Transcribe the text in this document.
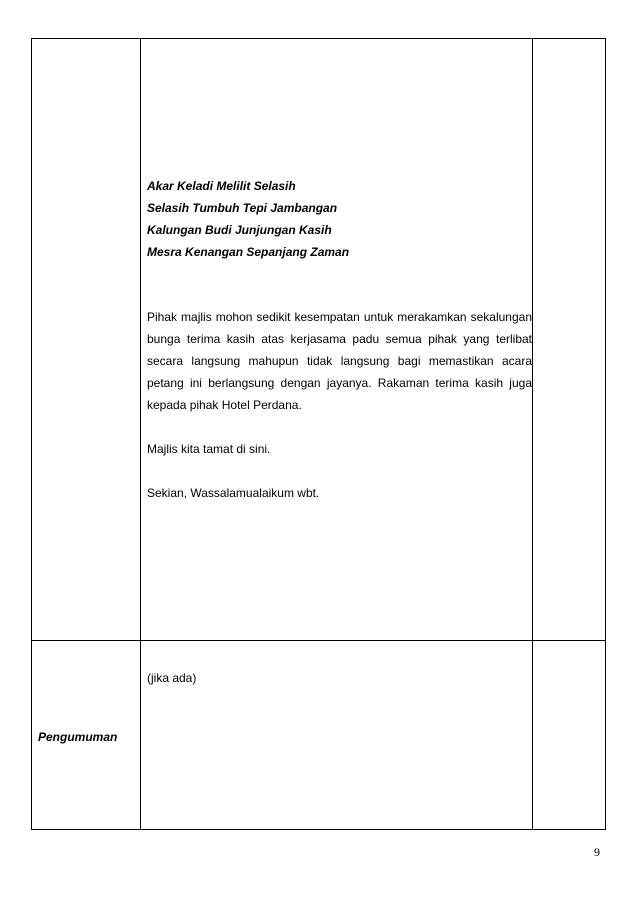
Akar Keladi Melilit Selasih
Selasih Tumbuh Tepi Jambangan
Kalungan Budi Junjungan Kasih
Mesra Kenangan Sepanjang Zaman
Pihak majlis mohon sedikit kesempatan untuk merakamkan sekalungan bunga terima kasih atas kerjasama padu semua pihak yang terlibat secara langsung mahupun tidak langsung bagi memastikan acara petang ini berlangsung dengan jayanya. Rakaman terima kasih juga kepada pihak Hotel Perdana.
Majlis kita tamat di sini.
Sekian, Wassalamualaikum wbt.
(jika ada)
Pengumuman
9
